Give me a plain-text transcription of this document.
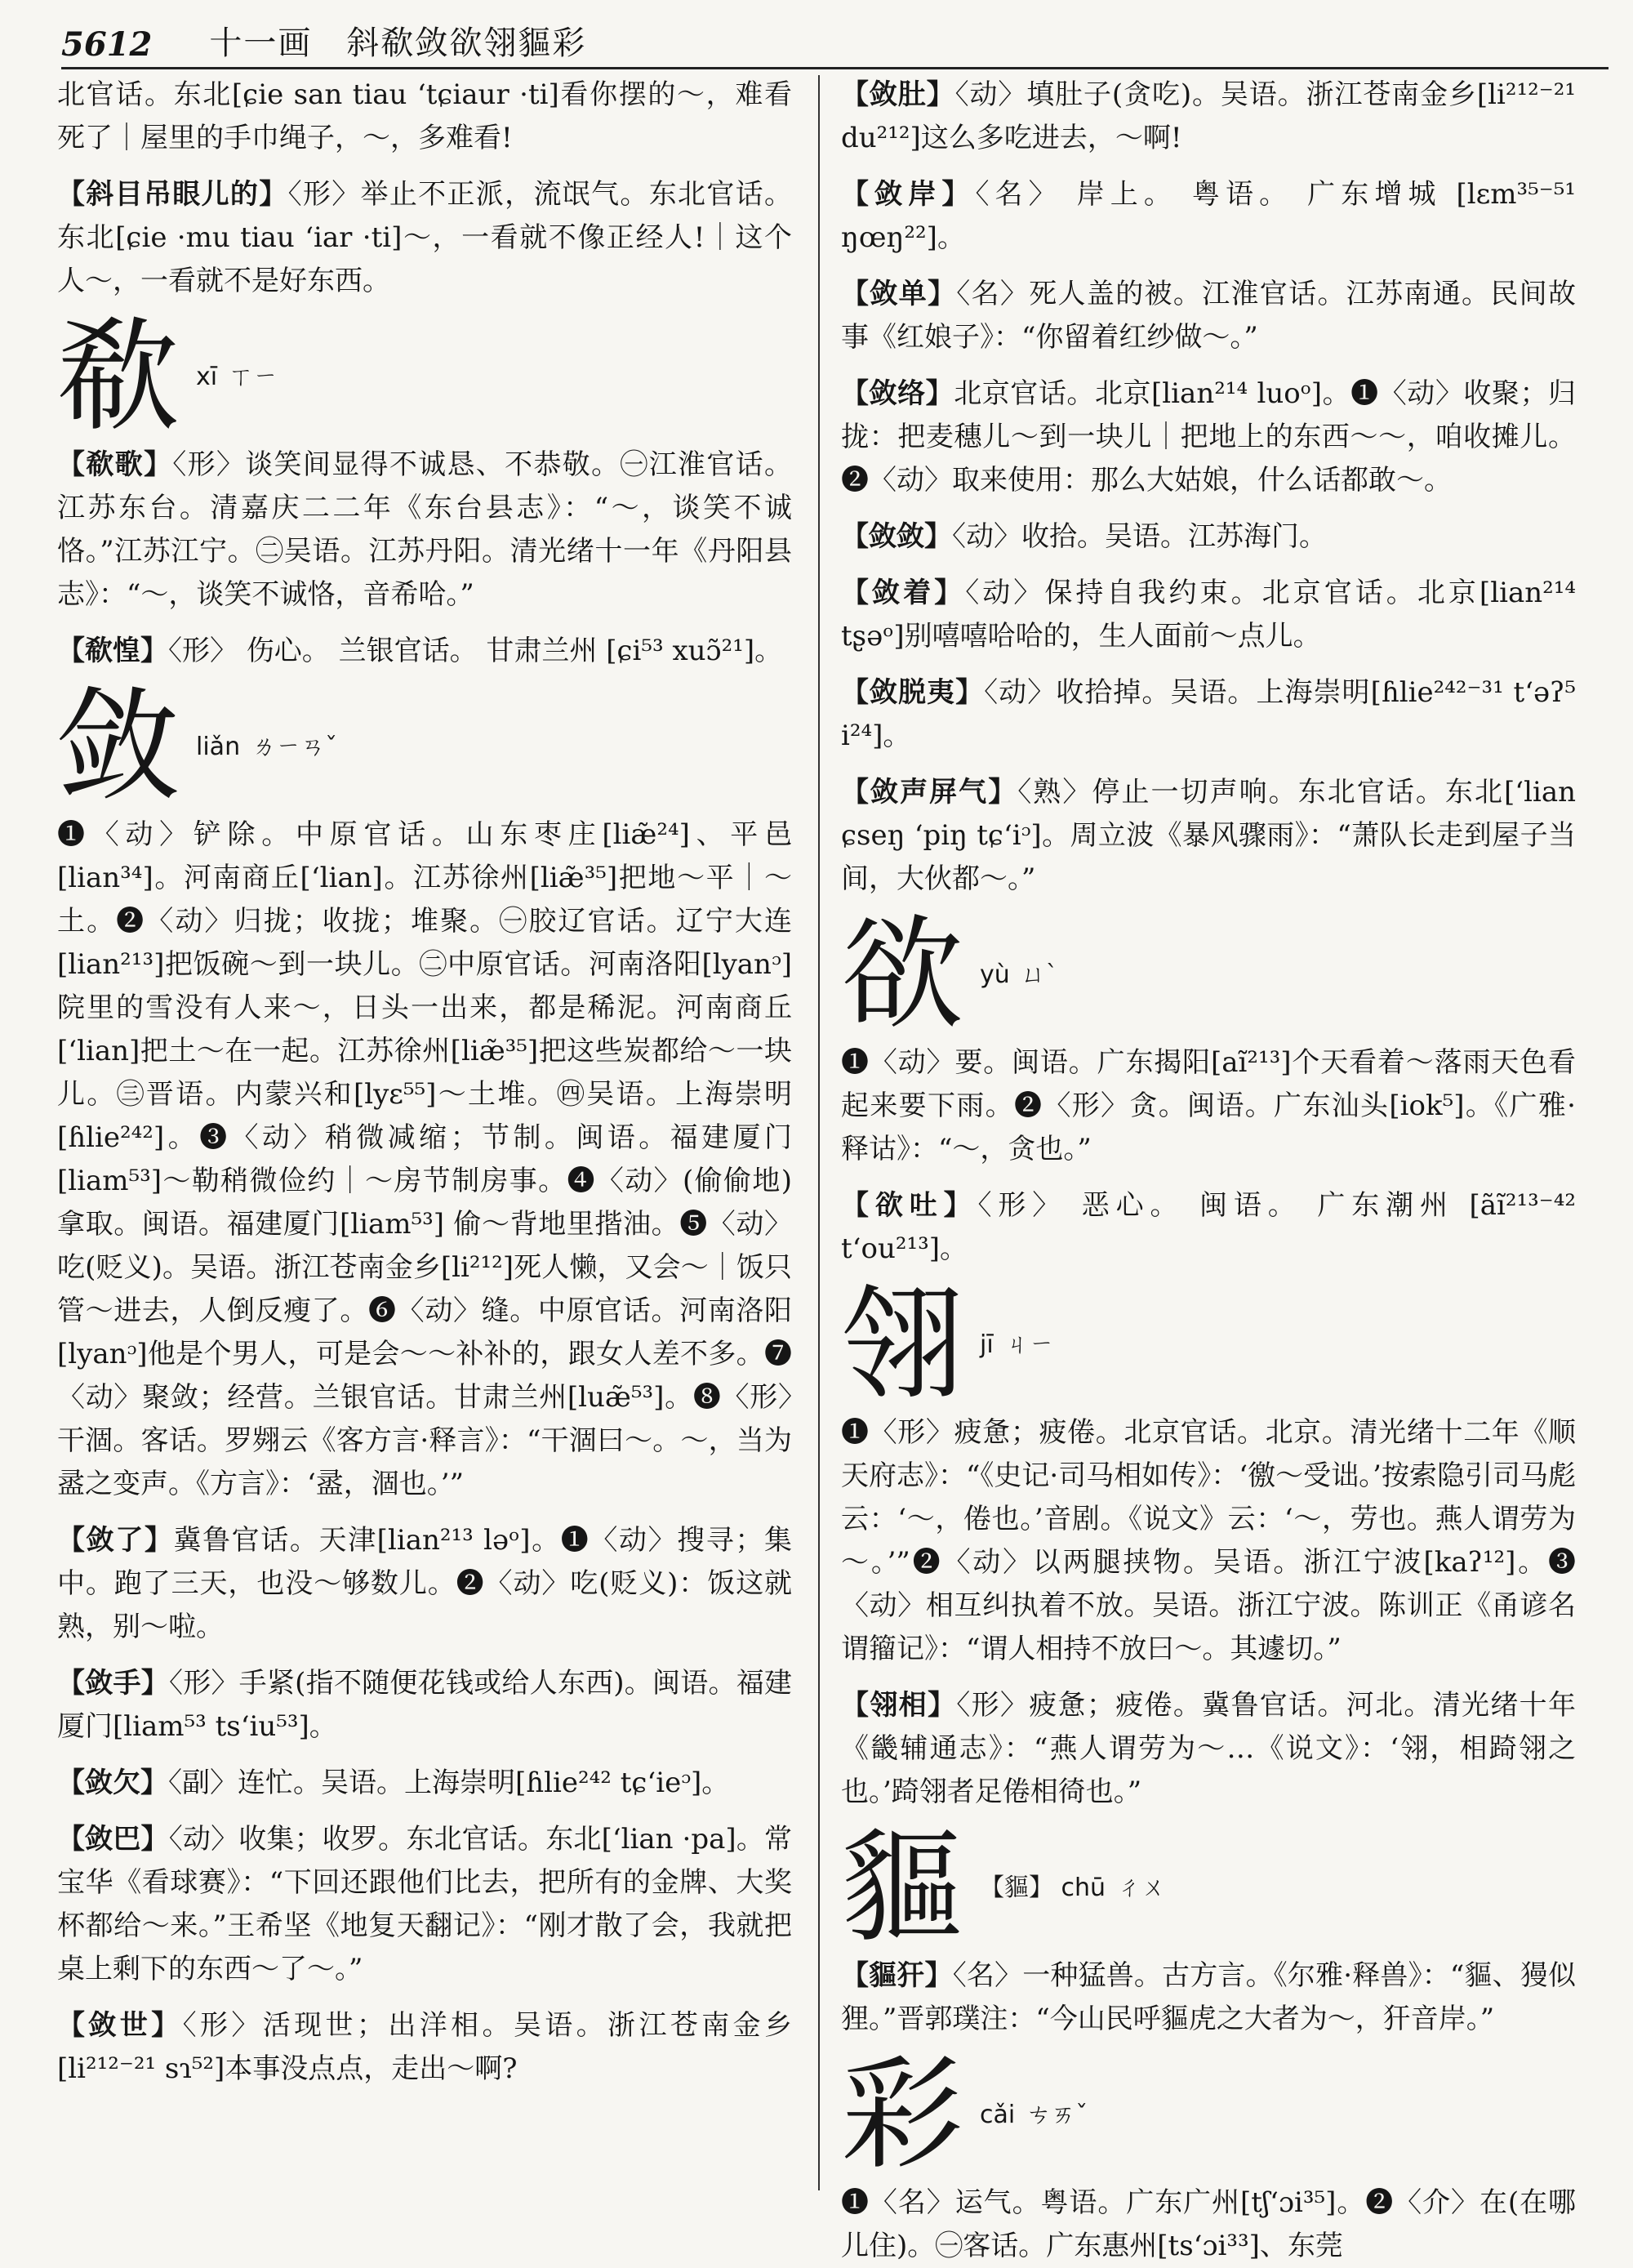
5612 十一画　斜欷敛欲翎貙彩

北官话。东北[ɕie san tiau ʻtɕiaur ·ti]看你摆的～，难看死了｜屋里的手巾绳子，～，多难看!

【斜目吊眼儿的】〈形〉举止不正派，流氓气。东北官话。东北[ɕie ·mu tiau ʻiar ·ti]～，一看就不像正经人!｜这个人～，一看就不是好东西。

欷xī ㄒㄧ

【欷歌】〈形〉谈笑间显得不诚恳、不恭敬。㊀江淮官话。江苏东台。清嘉庆二二年《东台县志》：“～，谈笑不诚恪。”江苏江宁。㊁吴语。江苏丹阳。清光绪十一年《丹阳县志》：“～，谈笑不诚恪，音希哈。”

【欷惶】〈形〉 伤心。 兰银官话。 甘肃兰州 [ɕi⁵³ xuɔ̃²¹]。

敛liǎn ㄌㄧㄢˇ

❶〈动〉铲除。中原官话。山东枣庄[liæ̃²⁴]、平邑[lian³⁴]。河南商丘[ʻlian]。江苏徐州[liæ̃³⁵]把地～平｜～土。❷〈动〉归拢；收拢；堆聚。㊀胶辽官话。辽宁大连[lian²¹³]把饭碗～到一块儿。㊁中原官话。河南洛阳[lyanᵓ]院里的雪没有人来～，日头一出来，都是稀泥。河南商丘[ʻlian]把土～在一起。江苏徐州[liæ̃³⁵]把这些炭都给～一块儿。㊂晋语。内蒙兴和[lyɛ⁵⁵]～土堆。㊃吴语。上海崇明[ɦlie²⁴²]。❸〈动〉稍微减缩；节制。闽语。福建厦门[liam⁵³]～勒稍微俭约｜～房节制房事。❹〈动〉(偷偷地)拿取。闽语。福建厦门[liam⁵³] 偷～背地里揩油。❺〈动〉吃(贬义)。吴语。浙江苍南金乡[li²¹²]死人懒，又会～｜饭只管～进去，人倒反瘦了。❻〈动〉缝。中原官话。河南洛阳[lyanᵓ]他是个男人，可是会～～补补的，跟女人差不多。❼〈动〉聚敛；经营。兰银官话。甘肃兰州[luæ̃⁵³]。❽〈形〉干涸。客话。罗翙云《客方言·释言》：“干涸曰～。～，当为盝之变声。《方言》：‘盝，涸也。’”

【敛了】冀鲁官话。天津[lian²¹³ ləᵒ]。❶〈动〉搜寻；集中。跑了三天，也没～够数儿。❷〈动〉吃(贬义)：饭这就熟，别～啦。

【敛手】〈形〉手紧(指不随便花钱或给人东西)。闽语。福建厦门[liam⁵³ tsʻiu⁵³]。

【敛欠】〈副〉连忙。吴语。上海崇明[ɦlie²⁴² tɕʻieᵓ]。

【敛巴】〈动〉收集；收罗。东北官话。东北[ʻlian ·pa]。常宝华《看球赛》：“下回还跟他们比去，把所有的金牌、大奖杯都给～来。”王希坚《地复天翻记》：“刚才散了会，我就把桌上剩下的东西～了～。”

【敛世】〈形〉活现世；出洋相。吴语。浙江苍南金乡[li²¹²⁻²¹ sɿ⁵²]本事没点点，走出～啊?

【敛肚】〈动〉填肚子(贪吃)。吴语。浙江苍南金乡[li²¹²⁻²¹ du²¹²]这么多吃进去，～啊!

【敛岸】〈名〉 岸上。 粤语。 广东增城 [lɛm³⁵⁻⁵¹ ŋœŋ²²]。

【敛单】〈名〉死人盖的被。江淮官话。江苏南通。民间故事《红娘子》：“你留着红纱做～。”

【敛络】北京官话。北京[lian²¹⁴ luoᵒ]。❶〈动〉收聚；归拢：把麦穗儿～到一块儿｜把地上的东西～～，咱收摊儿。❷〈动〉取来使用：那么大姑娘，什么话都敢～。

【敛敛】〈动〉收拾。吴语。江苏海门。

【敛着】〈动〉保持自我约束。北京官话。北京[lian²¹⁴ tʂəᵒ]别嘻嘻哈哈的，生人面前～点儿。

【敛脱夷】〈动〉收拾掉。吴语。上海崇明[ɦlie²⁴²⁻³¹ tʻəʔ⁵ i²⁴]。

【敛声屏气】〈熟〉停止一切声响。东北官话。东北[ʻlian ɕseŋ ʻpiŋ tɕʻiᵓ]。周立波《暴风骤雨》：“萧队长走到屋子当间，大伙都～。”

欲yù ㄩˋ

❶〈动〉要。闽语。广东揭阳[aĩ²¹³]个天看着～落雨天色看起来要下雨。❷〈形〉贪。闽语。广东汕头[iok⁵]。《广雅·释诂》：“～，贪也。”

【欲吐】〈形〉 恶心。 闽语。 广东潮州 [ãĩ²¹³⁻⁴² tʻou²¹³]。

翎jī ㄐㄧ

❶〈形〉疲惫；疲倦。北京官话。北京。清光绪十二年《顺天府志》：“《史记·司马相如传》：‘徼～受诎。’按索隐引司马彪云：‘～，倦也。’音剧。《说文》云：‘～，劳也。燕人谓劳为～。’”❷〈动〉以两腿挟物。吴语。浙江宁波[kaʔ¹²]。❸〈动〉相互纠执着不放。吴语。浙江宁波。陈训正《甬谚名谓籀记》：“谓人相持不放曰～。其遽切。”

【翎相】〈形〉疲惫；疲倦。冀鲁官话。河北。清光绪十年《畿辅通志》：“燕人谓劳为～…《说文》：‘翎，相踦翎之也。’踦翎者足倦相徛也。”

貙 【貙】 chū ㄔㄨ

【貙犴】〈名〉一种猛兽。古方言。《尔雅·释兽》：“貙、獌似狸。”晋郭璞注：“今山民呼貙虎之大者为～，犴音岸。”

彩cǎi ㄘㄞˇ

❶〈名〉运气。粤语。广东广州[tʃʻɔi³⁵]。❷〈介〉在(在哪儿住)。㊀客话。广东惠州[tsʻɔi³³]、东莞
